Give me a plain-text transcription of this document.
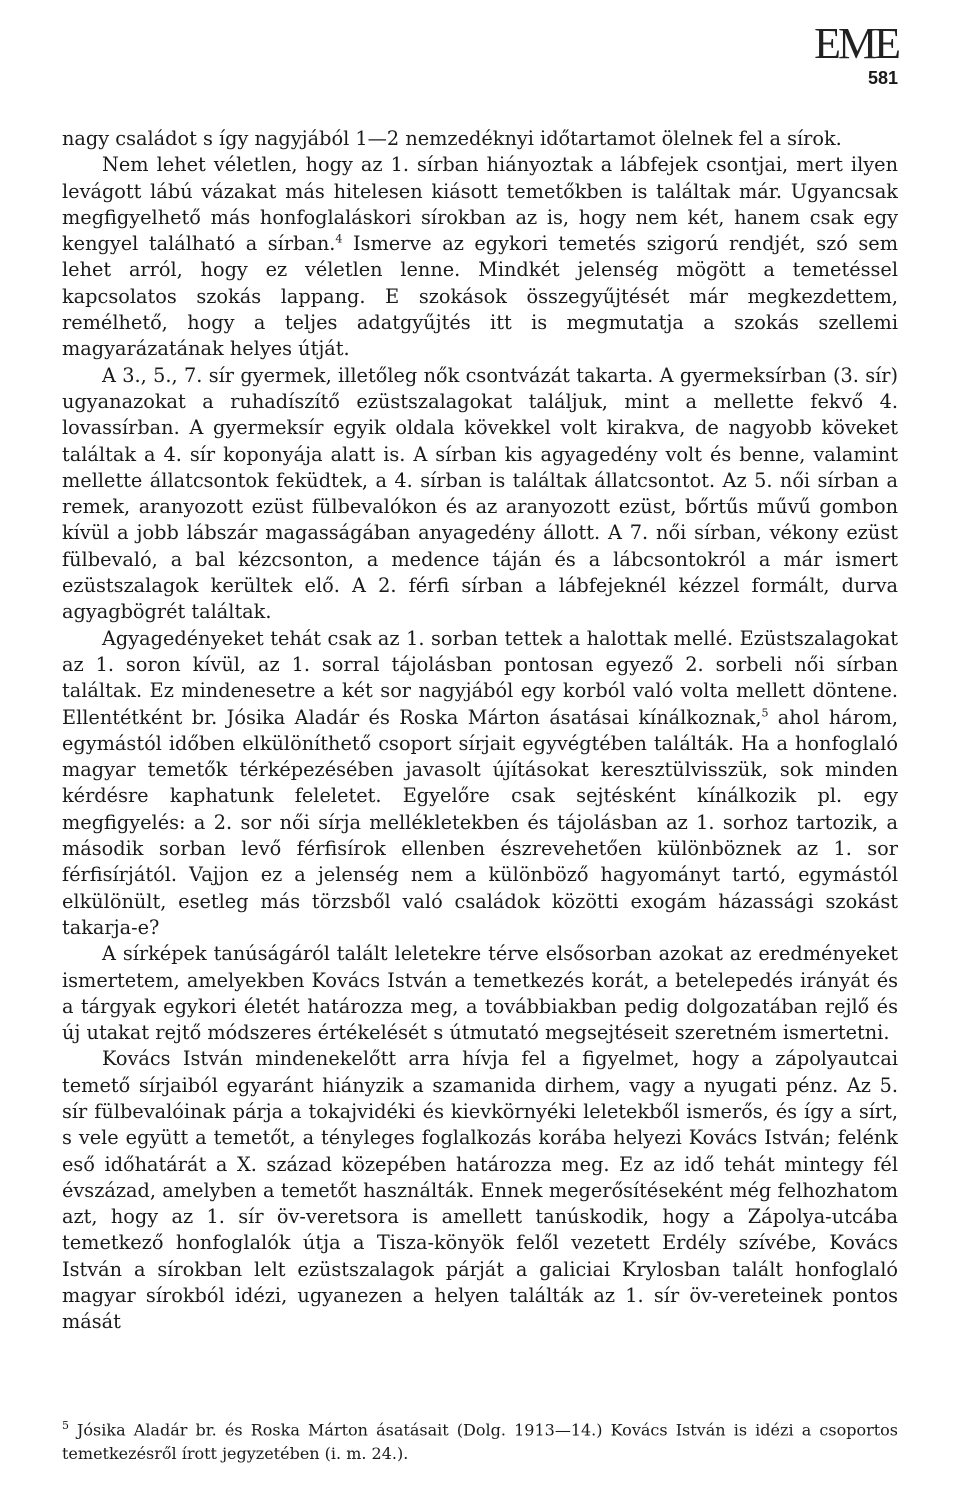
EME
581

nagy családot s így nagyjából 1—2 nemzedéknyi időtartamot ölelnek fel a sírok.

Nem lehet véletlen, hogy az 1. sírban hiányoztak a lábfejek csontjai, mert ilyen levágott lábú vázakat más hitelesen kiásott temetőkben is találtak már. Ugyancsak megfigyelhető más honfoglaláskori sírokban az is, hogy nem két, hanem csak egy kengyel található a sírban.$^4$ Ismerve az egykori temetés szigorú rendjét, szó sem lehet arról, hogy ez véletlen lenne. Mindkét jelenség mögött a temetéssel kapcsolatos szokás lappang. E szokások összegyűjtését már megkezdettem, remélhető, hogy a teljes adatgyűjtés itt is megmutatja a szokás szellemi magyarázatának helyes útját.

A 3., 5., 7. sír gyermek, illetőleg nők csontvázát takarta. A gyermeksírban (3. sír) ugyanazokat a ruhadíszítő ezüstszalagokat találjuk, mint a mellette fekvő 4. lovassírban. A gyermeksír egyik oldala kövekkel volt kirakva, de nagyobb köveket találtak a 4. sír koponyája alatt is. A sírban kis agyagedény volt és benne, valamint mellette állatcsontok feküdtek, a 4. sírban is találtak állatcsontot. Az 5. női sírban a remek, aranyozott ezüst fülbevalókon és az aranyozott ezüst, bőrtűs művű gombon kívül a jobb lábszár magasságában anyagedény állott. A 7. női sírban, vékony ezüst fülbevaló, a bal kézcsonton, a medence táján és a lábcsontokról a már ismert ezüstszalagok kerültek elő. A 2. férfi sírban a lábfejeknél kézzel formált, durva agyagbögrét találtak.

Agyagedényeket tehát csak az 1. sorban tettek a halottak mellé. Ezüstszalagokat az 1. soron kívül, az 1. sorral tájolásban pontosan egyező 2. sorbeli női sírban találtak. Ez mindenesetre a két sor nagyjából egy korból való volta mellett döntene. Ellentétként br. Jósika Aladár és Roska Márton ásatásai kínálkoznak,$^5$ ahol három, egymástól időben elkülöníthető csoport sírjait egyvégtében találták. Ha a honfoglaló magyar temetők térképezésében javasolt újításokat keresztülvisszük, sok minden kérdésre kaphatunk feleletet. Egyelőre csak sejtésként kínálkozik pl. egy megfigyelés: a 2. sor női sírja mellékletekben és tájolásban az 1. sorhoz tartozik, a második sorban levő férfisírok ellenben észrevehetően különböznek az 1. sor férfisírjától. Vajjon ez a jelenség nem a különböző hagyományt tartó, egymástól elkülönült, esetleg más törzsből való családok közötti exogám házassági szokást takarja-e?

A sírképek tanúságáról talált leletekre térve elsősorban azokat az eredményeket ismertetem, amelyekben Kovács István a temetkezés korát, a betelepedés irányát és a tárgyak egykori életét határozza meg, a továbbiakban pedig dolgozatában rejlő és új utakat rejtő módszeres értékelését s útmutató megsejtéseit szeretném ismertetni.

Kovács István mindenekelőtt arra hívja fel a figyelmet, hogy a zápolyautcai temető sírjaiból egyaránt hiányzik a szamanida dirhem, vagy a nyugati pénz. Az 5. sír fülbevalóinak párja a tokajvidéki és kievkörnyéki leletekből ismerős, és így a sírt, s vele együtt a temetőt, a tényleges foglalkozás korába helyezi Kovács István; felénk eső időhatárát a X. század közepében határozza meg. Ez az idő tehát mintegy fél évszázad, amelyben a temetőt használták. Ennek megerősítéseként még felhozhatom azt, hogy az 1. sír öv-veretsora is amellett tanúskodik, hogy a Zápolya-utcába temetkező honfoglalók útja a Tisza-könyök felől vezetett Erdély szívébe, Kovács István a sírokban lelt ezüstszalagok párját a galiciai Krylosban talált honfoglaló magyar sírokból idézi, ugyanezen a helyen találták az 1. sír öv-vereteinek pontos mását

$^5$ Jósika Aladár br. és Roska Márton ásatásait (Dolg. 1913—14.) Kovács István is idézi a csoportos temetkezésről írott jegyzetében (i. m. 24.).
